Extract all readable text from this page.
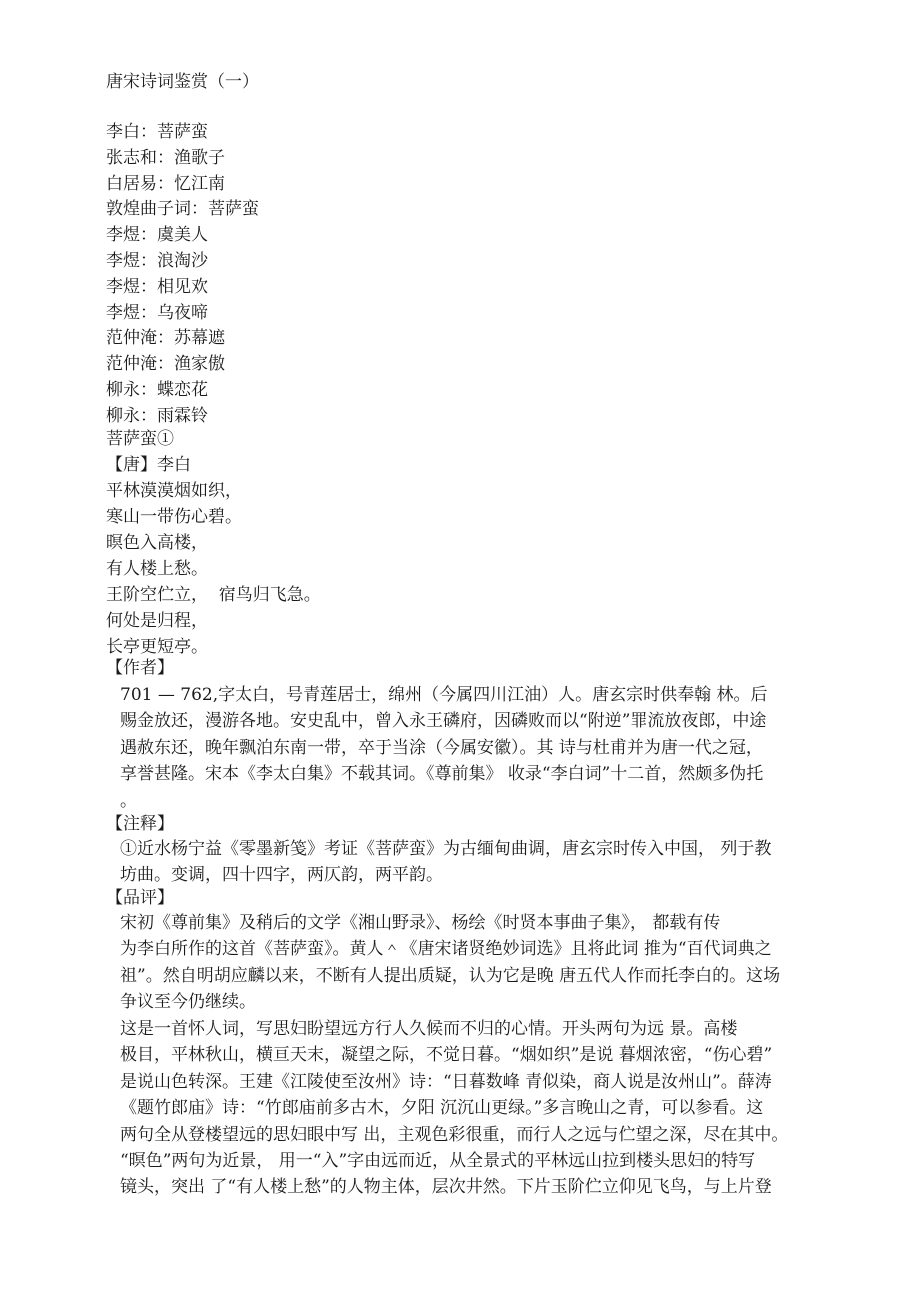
唐宋诗词鉴赏（一）
李白：菩萨蛮
张志和：渔歌子
白居易：忆江南
敦煌曲子词：菩萨蛮
李煜：虞美人
李煜：浪淘沙
李煜：相见欢
李煜：乌夜啼
范仲淹：苏幕遮
范仲淹：渔家傲
柳永：蝶恋花
柳永：雨霖铃
菩萨蛮①
【唐】李白
平林漠漠烟如织，
寒山一带伤心碧。
暝色入高楼，
有人楼上愁。
王阶空伫立，  宿鸟归飞急。
何处是归程，
长亭更短亭。
【作者】
701 — 762,字太白，号青莲居士，绵州（今属四川江油）人。唐玄宗时供奉翰 林。后
赐金放还，漫游各地。安史乱中，曾入永王磷府，因磷败而以“附逆”罪流放夜郎，中途
遇赦东还，晚年飘泊东南一带，卒于当涂（今属安徽）。其 诗与杜甫并为唐一代之冠，
享誉甚隆。宋本《李太白集》不载其词。《尊前集》 收录“李白词”十二首，然颇多伪托
。
【注释】
①近水杨宁益《零墨新笺》考证《菩萨蛮》为古缅甸曲调，唐玄宗时传入中国， 列于教
坊曲。变调，四十四字，两仄韵，两平韵。
【品评】
宋初《尊前集》及稍后的文学《湘山野录》、杨绘《时贤本事曲子集》， 都载有传
为李白所作的这首《菩萨蛮》。黄人＾《唐宋诸贤绝妙词选》且将此词 推为“百代词典之
祖”。然自明胡应麟以来，不断有人提出质疑，认为它是晚 唐五代人作而托李白的。这场
争议至今仍继续。
这是一首怀人词，写思妇盼望远方行人久候而不归的心情。开头两句为远 景。高楼
极目，平林秋山，横亘天末，凝望之际，不觉日暮。“烟如织”是说 暮烟浓密，“伤心碧”
是说山色转深。王建《江陵使至汝州》诗：“日暮数峰 青似染，商人说是汝州山”。薛涛
《题竹郎庙》诗：“竹郎庙前多古木，夕阳 沉沉山更绿。”多言晚山之青，可以参看。这
两句全从登楼望远的思妇眼中写 出，主观色彩很重，而行人之远与伫望之深，尽在其中。
“暝色”两句为近景， 用一“入”字由远而近，从全景式的平林远山拉到楼头思妇的特写
镜头，突出 了“有人楼上愁”的人物主体，层次井然。下片玉阶伫立仰见飞鸟，与上片登
